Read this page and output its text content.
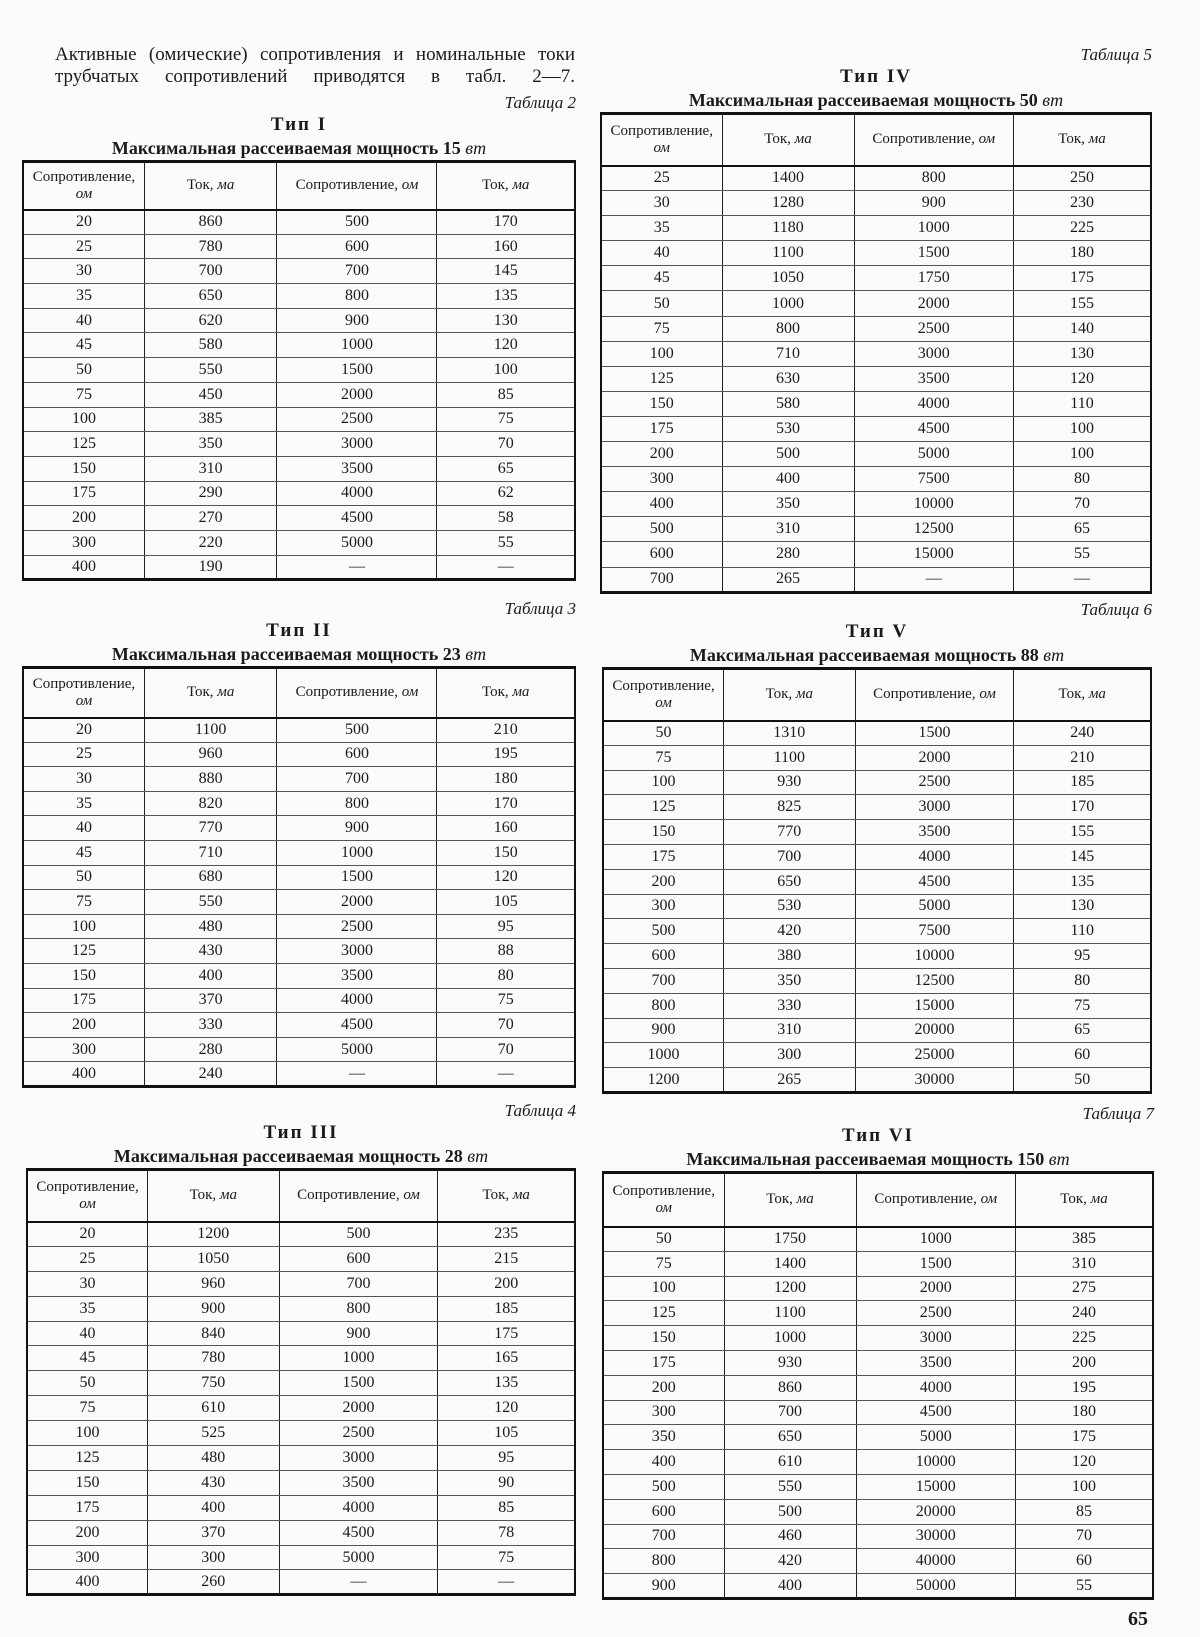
Активные (омические) сопротивления и номинальные токи трубчатых сопротивлений приводятся в табл. 2—7.
Таблица 2
Тип I
Максимальная рассеиваемая мощность 15 вт
Сопротивление, ом	Ток, ма	Сопротивление, ом	Ток, ма
20	860	500	170
25	780	600	160
30	700	700	145
35	650	800	135
40	620	900	130
45	580	1000	120
50	550	1500	100
75	450	2000	85
100	385	2500	75
125	350	3000	70
150	310	3500	65
175	290	4000	62
200	270	4500	58
300	220	5000	55
400	190	—	—
Таблица 3
Тип II
Максимальная рассеиваемая мощность 23 вт
Сопротивление, ом	Ток, ма	Сопротивление, ом	Ток, ма
20	1100	500	210
25	960	600	195
30	880	700	180
35	820	800	170
40	770	900	160
45	710	1000	150
50	680	1500	120
75	550	2000	105
100	480	2500	95
125	430	3000	88
150	400	3500	80
175	370	4000	75
200	330	4500	70
300	280	5000	70
400	240	—	—
Таблица 4
Тип III
Максимальная рассеиваемая мощность 28 вт
Сопротивление, ом	Ток, ма	Сопротивление, ом	Ток, ма
20	1200	500	235
25	1050	600	215
30	960	700	200
35	900	800	185
40	840	900	175
45	780	1000	165
50	750	1500	135
75	610	2000	120
100	525	2500	105
125	480	3000	95
150	430	3500	90
175	400	4000	85
200	370	4500	78
300	300	5000	75
400	260	—	—
Таблица 5
Тип IV
Максимальная рассеиваемая мощность 50 вт
Сопротивление, ом	Ток, ма	Сопротивление, ом	Ток, ма
25	1400	800	250
30	1280	900	230
35	1180	1000	225
40	1100	1500	180
45	1050	1750	175
50	1000	2000	155
75	800	2500	140
100	710	3000	130
125	630	3500	120
150	580	4000	110
175	530	4500	100
200	500	5000	100
300	400	7500	80
400	350	10000	70
500	310	12500	65
600	280	15000	55
700	265	—	—
Таблица 6
Тип V
Максимальная рассеиваемая мощность 88 вт
Сопротивление, ом	Ток, ма	Сопротивление, ом	Ток, ма
50	1310	1500	240
75	1100	2000	210
100	930	2500	185
125	825	3000	170
150	770	3500	155
175	700	4000	145
200	650	4500	135
300	530	5000	130
500	420	7500	110
600	380	10000	95
700	350	12500	80
800	330	15000	75
900	310	20000	65
1000	300	25000	60
1200	265	30000	50
Таблица 7
Тип VI
Максимальная рассеиваемая мощность 150 вт
Сопротивление, ом	Ток, ма	Сопротивление, ом	Ток, ма
50	1750	1000	385
75	1400	1500	310
100	1200	2000	275
125	1100	2500	240
150	1000	3000	225
175	930	3500	200
200	860	4000	195
300	700	4500	180
350	650	5000	175
400	610	10000	120
500	550	15000	100
600	500	20000	85
700	460	30000	70
800	420	40000	60
900	400	50000	55
65
